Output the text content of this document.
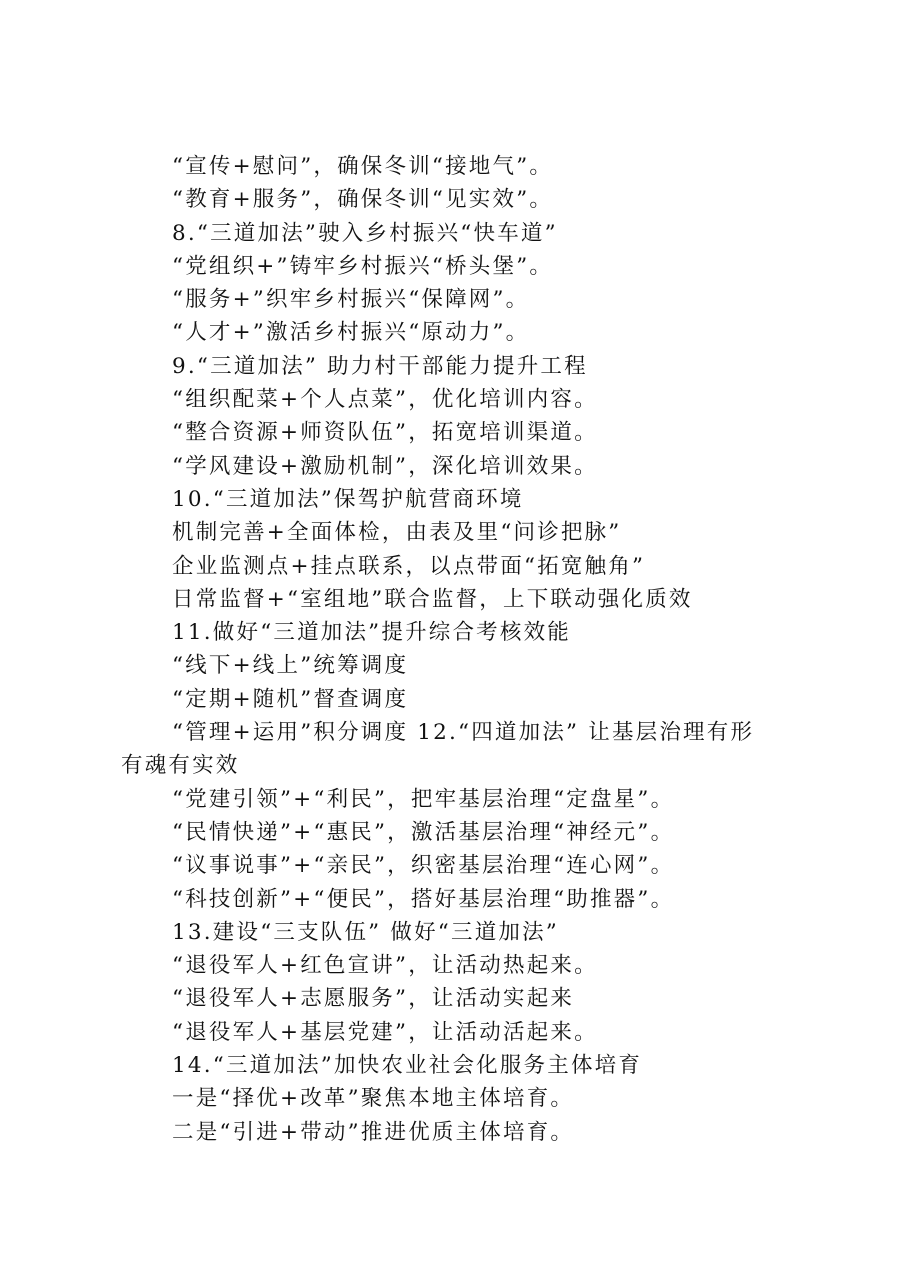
“宣传+慰问”，确保冬训“接地气”。
“教育+服务”，确保冬训“见实效”。
8.“三道加法”驶入乡村振兴“快车道”
“党组织+”铸牢乡村振兴“桥头堡”。
“服务+”织牢乡村振兴“保障网”。
“人才+”激活乡村振兴“原动力”。
9.“三道加法” 助力村干部能力提升工程
“组织配菜+个人点菜”，优化培训内容。
“整合资源+师资队伍”，拓宽培训渠道。
“学风建设+激励机制”，深化培训效果。
10.“三道加法”保驾护航营商环境
机制完善+全面体检，由表及里“问诊把脉”
企业监测点+挂点联系，以点带面“拓宽触角”
日常监督+“室组地”联合监督，上下联动强化质效
11.做好“三道加法”提升综合考核效能
“线下+线上”统筹调度
“定期+随机”督查调度
“管理+运用”积分调度 12.“四道加法” 让基层治理有形
有魂有实效
“党建引领”+“利民”，把牢基层治理“定盘星”。
“民情快递”+“惠民”，激活基层治理“神经元”。
“议事说事”+“亲民”，织密基层治理“连心网”。
“科技创新”+“便民”，搭好基层治理“助推器”。
13.建设“三支队伍” 做好“三道加法”
“退役军人+红色宣讲”，让活动热起来。
“退役军人+志愿服务”，让活动实起来
“退役军人+基层党建”，让活动活起来。
14.“三道加法”加快农业社会化服务主体培育
一是“择优+改革”聚焦本地主体培育。
二是“引进+带动”推进优质主体培育。
